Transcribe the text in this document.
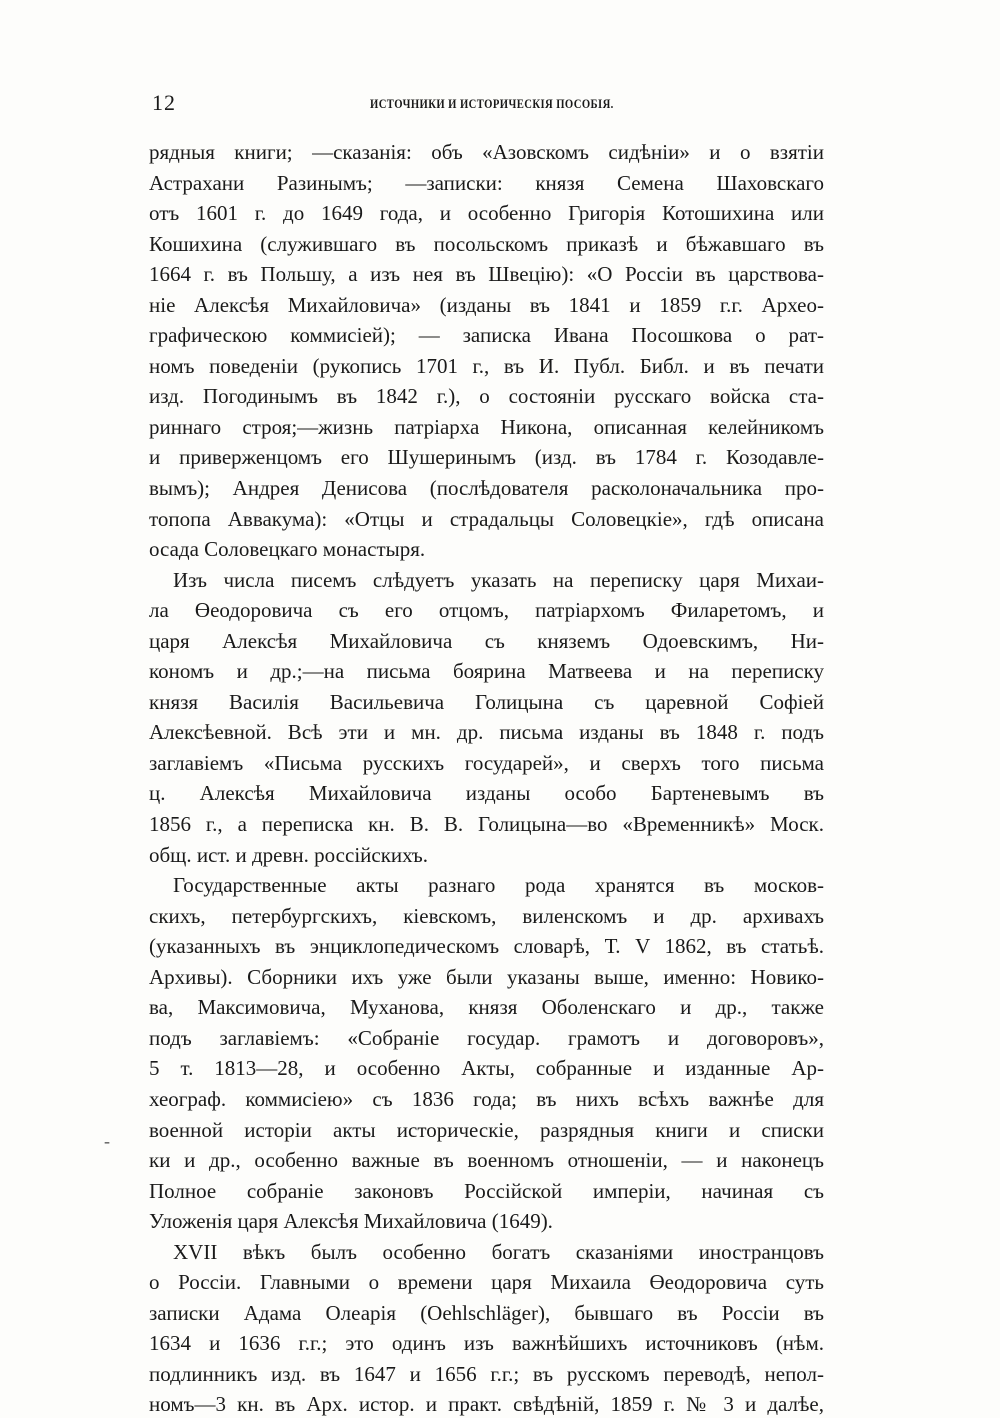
12	ИСТОЧНИКИ И ИСТОРИЧЕСКІЯ ПОСОБІЯ.
-
рядныя книги; —сказанія: объ «Азовскомъ сидѣніи» и о взятіи
Астрахани Разинымъ; —записки: князя Семена Шаховскаго
отъ 1601 г. до 1649 года, и особенно Григорія Котошихина или
Кошихина (служившаго въ посольскомъ приказѣ и бѣжавшаго въ
1664 г. въ Польшу, а изъ нея въ Швецію): «О Россіи въ царствова-
ніе Алексѣя Михайловича» (изданы въ 1841 и 1859 г.г. Архео-
графическою коммисіей); — записка Ивана Посошкова о рат-
номъ поведеніи (рукопись 1701 г., въ И. Публ. Библ. и въ печати
изд. Погодинымъ въ 1842 г.), о состояніи русскаго войска ста-
риннаго строя;—жизнь патріарха Никона, описанная келейникомъ
и приверженцомъ его Шушеринымъ (изд. въ 1784 г. Козодавле-
вымъ); Андрея Денисова (послѣдователя расколоначальника про-
топопа Аввакума): «Отцы и страдальцы Соловецкіе», гдѣ описана
осада Соловецкаго монастыря.
Изъ числа писемъ слѣдуетъ указать на переписку царя Михаи-
ла Өеодоровича съ его отцомъ, патріархомъ Филаретомъ, и
царя Алексѣя Михайловича съ княземъ Одоевскимъ, Ни-
кономъ и др.;—на письма боярина Матвеева и на переписку
князя Василія Васильевича Голицына съ царевной Софіей
Алексѣевной. Всѣ эти и мн. др. письма изданы въ 1848 г. подъ
заглавіемъ «Письма русскихъ государей», и сверхъ того письма
ц. Алексѣя Михайловича изданы особо Бартеневымъ въ
1856 г., а переписка кн. В. В. Голицына—во «Временникѣ» Моск.
общ. ист. и древн. россійскихъ.
Государственные акты разнаго рода хранятся въ москов-
скихъ, петербургскихъ, кіевскомъ, виленскомъ и др. архивахъ
(указанныхъ въ энциклопедическомъ словарѣ, Т. V 1862, въ статьѣ.
Архивы). Сборники ихъ уже были указаны выше, именно: Новико-
ва, Максимовича, Муханова, князя Оболенскаго и др., также
подъ заглавіемъ: «Собраніе государ. грамотъ и договоровъ»,
5 т. 1813—28, и особенно Акты, собранные и изданные Ар-
хеограф. коммисіею» съ 1836 года; въ нихъ всѣхъ важнѣе для
военной исторіи акты историческіе, разрядныя книги и списки
ки и др., особенно важные въ военномъ отношеніи, — и наконецъ
Полное собраніе законовъ Россійской имперіи, начиная съ
Уложенія царя Алексѣя Михайловича (1649).
XVII вѣкъ былъ особенно богатъ сказаніями иностранцовъ
о Россіи. Главными о времени царя Михаила Өеодоровича суть
записки Адама Олеарія (Oehlschläger), бывшаго въ Россіи въ
1634 и 1636 г.г.; это одинъ изъ важнѣйшихъ источниковъ (нѣм.
подлинникъ изд. въ 1647 и 1656 г.г.; въ русскомъ переводѣ, непол-
номъ—3 кн. въ Арх. истор. и практ. свѣдѣній, 1859 г. № 3 и далѣе,
